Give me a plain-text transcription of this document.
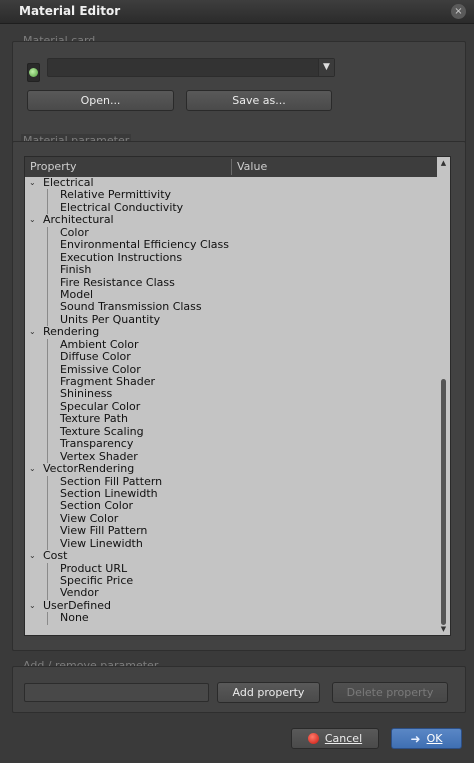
Material Editor	×
▼
Open...	Save as...
Property	Value
⌄ Electrical
Relative Permittivity
Electrical Conductivity
⌄ Architectural
Color
Environmental Efficiency Class
Execution Instructions
Finish
Fire Resistance Class
Model
Sound Transmission Class
Units Per Quantity
⌄ Rendering
Ambient Color
Diffuse Color
Emissive Color
Fragment Shader
Shininess
Specular Color
Texture Path
Texture Scaling
Transparency
Vertex Shader
⌄ VectorRendering
Section Fill Pattern
Section Linewidth
Section Color
View Color
View Fill Pattern
View Linewidth
⌄ Cost
Product URL
Specific Price
Vendor
⌄ UserDefined
None
▲
▼
Add property	Delete property
Cancel	➜ OK
